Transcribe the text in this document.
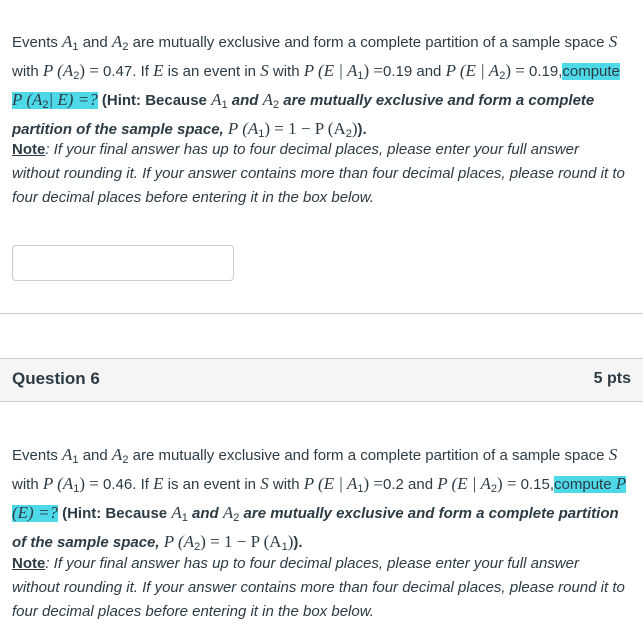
Events $A_1$ and $A_2$ are mutually exclusive and form a complete partition of a sample space S with P $(A_2) = 0.47$. If E is an event in S with P (E | $A_1) =0.19$ and P (E | $A_2$) = 0.19,compute P ($A_2|$ E) =? (Hint: Because $A_1$ and $A_2$ are mutually exclusive and form a complete partition of the sample space, P $(A_1) = 1 - P$ $(A_2)$).

Note: If your final answer has up to four decimal places, please enter your full answer without rounding it. If your answer contains more than four decimal places, please round it to four decimal places before entering it in the box below.

Question 6	5 pts

Events $A_1$ and $A_2$ are mutually exclusive and form a complete partition of a sample space S with P $(A_1) = 0.46$. If E is an event in S with P (E | $A_1) =0.2$ and P (E | $A_2$) = 0.15,compute P (E) =? (Hint: Because $A_1$ and $A_2$ are mutually exclusive and form a complete partition of the sample space, P $(A_2) = 1 - P$ $(A_1)$).

Note: If your final answer has up to four decimal places, please enter your full answer without rounding it. If your answer contains more than four decimal places, please round it to four decimal places before entering it in the box below.
